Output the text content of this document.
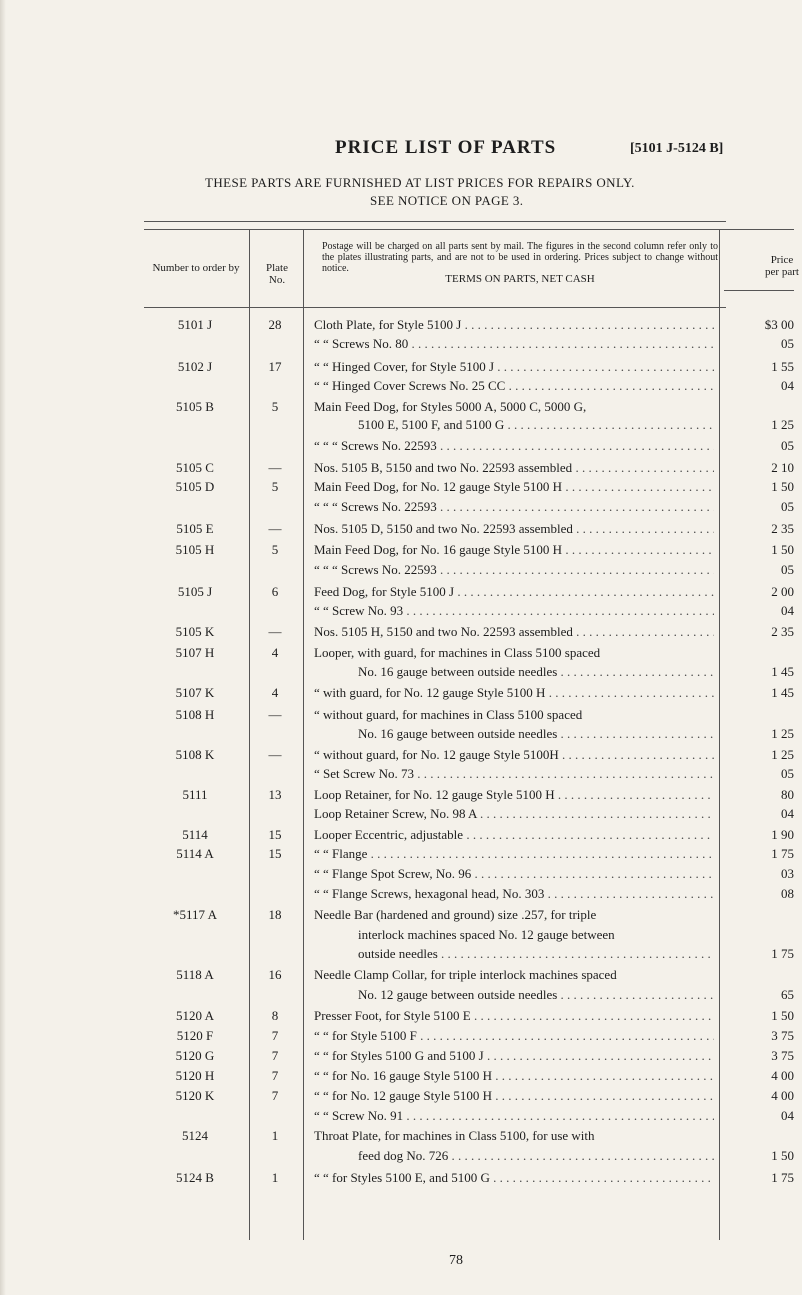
PRICE LIST OF PARTS	[5101 J-5124 B]
THESE PARTS ARE FURNISHED AT LIST PRICES FOR REPAIRS ONLY.
SEE NOTICE ON PAGE 3.
Number to order by	Plate No.
Price per part
Postage will be charged on all parts sent by mail. The figures in the second column refer only to the plates illustrating parts, and are not to be used in ordering. Prices subject to change without notice.
TERMS ON PARTS, NET CASH
5101 J	28	Cloth Plate, for Style 5100 J . . .	$3 00
“ “ Screws No. 80 . . .	05
5102 J	17	“ “ Hinged Cover, for Style 5100 J . . .	1 55
“ “ Hinged Cover Screws No. 25 CC . . .	04
5105 B	5	Main Feed Dog, for Styles 5000 A, 5000 C, 5000 G,
5100 E, 5100 F, and 5100 G . . .	1 25
“ “ “ Screws No. 22593 . . .	05
5105 C	—	Nos. 5105 B, 5150 and two No. 22593 assembled . . .	2 10
5105 D	5	Main Feed Dog, for No. 12 gauge Style 5100 H . . .	1 50
“ “ “ Screws No. 22593 . . .	05
5105 E	—	Nos. 5105 D, 5150 and two No. 22593 assembled . . .	2 35
5105 H	5	Main Feed Dog, for No. 16 gauge Style 5100 H . . .	1 50
“ “ “ Screws No. 22593 . . .	05
5105 J	6	Feed Dog, for Style 5100 J . . .	2 00
“ “ Screw No. 93 . . .	04
5105 K	—	Nos. 5105 H, 5150 and two No. 22593 assembled . . .	2 35
5107 H	4	Looper, with guard, for machines in Class 5100 spaced
No. 16 gauge between outside needles . . .	1 45
5107 K	4	“ with guard, for No. 12 gauge Style 5100 H . . .	1 45
5108 H	—	“ without guard, for machines in Class 5100 spaced
No. 16 gauge between outside needles . . .	1 25
5108 K	—	“ without guard, for No. 12 gauge Style 5100H . . .	1 25
“ Set Screw No. 73 . . .	05
5111	13	Loop Retainer, for No. 12 gauge Style 5100 H . . .	80
Loop Retainer Screw, No. 98 A . . .	04
5114	15	Looper Eccentric, adjustable . . .	1 90
5114 A	15	“ “ Flange . . .	1 75
“ “ Flange Spot Screw, No. 96 . . .	03
“ “ Flange Screws, hexagonal head, No. 303 . . .	08
*5117 A	18	Needle Bar (hardened and ground) size .257, for triple
interlock machines spaced No. 12 gauge between
outside needles . . .	1 75
5118 A	16	Needle Clamp Collar, for triple interlock machines spaced
No. 12 gauge between outside needles . . .	65
5120 A	8	Presser Foot, for Style 5100 E . . .	1 50
5120 F	7	“ “ for Style 5100 F . . .	3 75
5120 G	7	“ “ for Styles 5100 G and 5100 J . . .	3 75
5120 H	7	“ “ for No. 16 gauge Style 5100 H . . .	4 00
5120 K	7	“ “ for No. 12 gauge Style 5100 H . . .	4 00
“ “ Screw No. 91 . . .	04
5124	1	Throat Plate, for machines in Class 5100, for use with
feed dog No. 726 . . .	1 50
5124 B	1	“ “ for Styles 5100 E, and 5100 G . . .	1 75
78
